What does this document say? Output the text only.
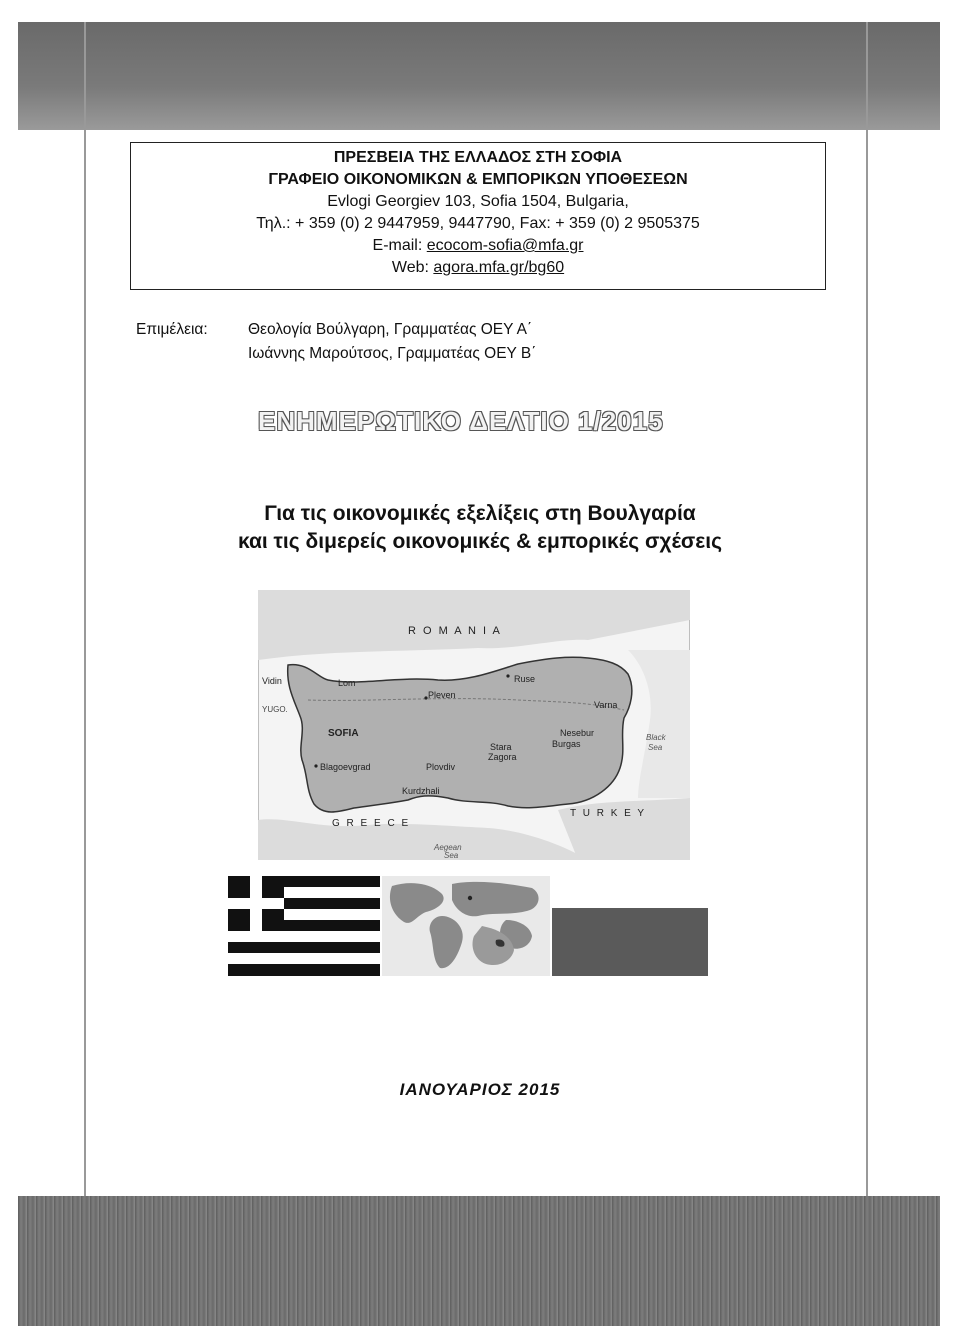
ΠΡΕΣΒΕΙΑ ΤΗΣ ΕΛΛΑΔΟΣ ΣΤΗ ΣΟΦΙΑ
ΓΡΑΦΕΙΟ ΟΙΚΟΝΟΜΙΚΩΝ & ΕΜΠΟΡΙΚΩΝ ΥΠΟΘΕΣΕΩΝ
Evlogi Georgiev 103, Sofia 1504, Bulgaria,
Τηλ.: + 359 (0) 2 9447959, 9447790, Fax: + 359 (0) 2 9505375
E-mail: ecocom-sofia@mfa.gr
Web: agora.mfa.gr/bg60
Επιμέλεια:	Θεολογία Βούλγαρη, Γραμματέας ΟΕΥ Α΄
Ιωάννης Μαρούτσος, Γραμματέας ΟΕΥ Β΄
ΕΝΗΜΕΡΩΤΙΚΟ ΔΕΛΤΙΟ 1/2015
Για τις οικονομικές εξελίξεις στη Βουλγαρία
και τις διμερείς οικονομικές & εμπορικές σχέσεις
R O M A N I A
T U R K E Y
G R E E C E
YUGO.
Vidin	Lom
Pleven
Ruse
Varna
SOFIA	Nesebur
Burgas
Stara
Zagora
Blagoevgrad	Plovdiv
Kurdzhali
Black
Sea
Aegean
Sea
ΙΑΝΟΥΑΡΙΟΣ 2015
